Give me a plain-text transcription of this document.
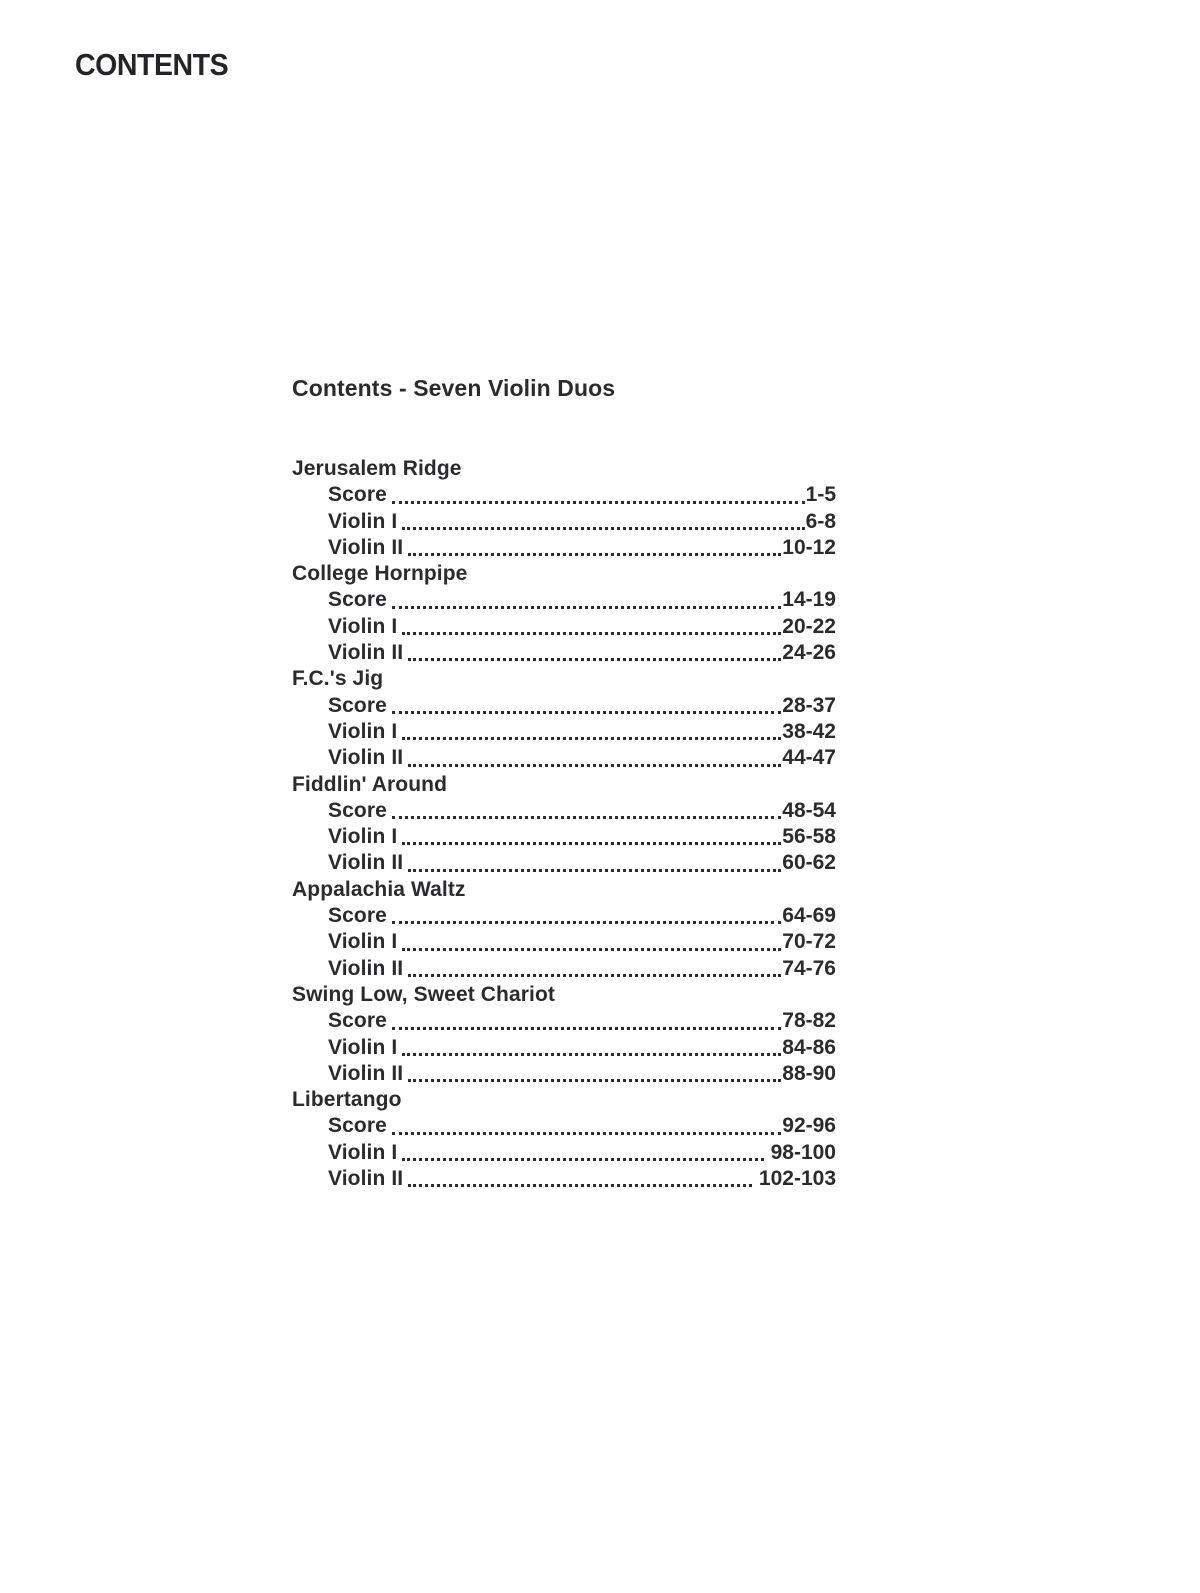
CONTENTS
Contents - Seven Violin Duos
Jerusalem Ridge
Score	1-5
Violin I	6-8
Violin II	10-12
College Hornpipe
Score	14-19
Violin I	20-22
Violin II	24-26
F.C.'s Jig
Score	28-37
Violin I	38-42
Violin II	44-47
Fiddlin' Around
Score	48-54
Violin I	56-58
Violin II	60-62
Appalachia Waltz
Score	64-69
Violin I	70-72
Violin II	74-76
Swing Low, Sweet Chariot
Score	78-82
Violin I	84-86
Violin II	88-90
Libertango
Score	92-96
Violin I	98-100
Violin II	102-103
